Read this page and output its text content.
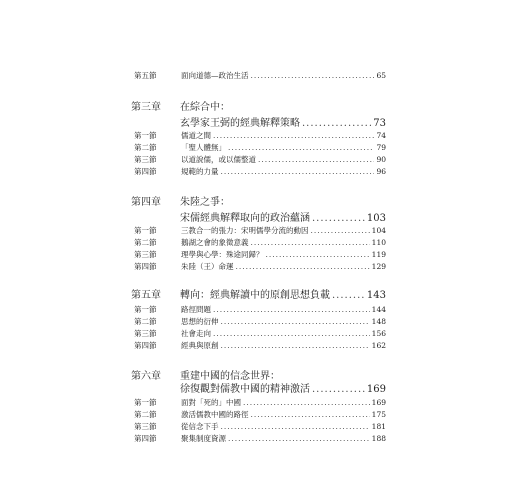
第五節	面向道德—政治生活 .....	65
第三章	在綜合中：
玄學家王弼的經典解釋策略 .....	73
第一節	儒道之間 .....	74
第二節	「聖人體無」 .....	79
第三節	以道說儒，或以儒整道 .....	90
第四節	規範的力量 .....	96
第四章	朱陸之爭：
宋儒經典解釋取向的政治蘊涵 .....	103
第一節	三教合一的張力：宋明儒學分流的動因 .....	104
第二節	鵝湖之會的象徵意義 .....	110
第三節	理學與心學：殊途同歸？ .....	119
第四節	朱陸（王）命運 .....	129
第五章	轉向：經典解讀中的原創思想負載 .....	143
第一節	路徑問題 .....	144
第二節	思想的衍伸 .....	148
第三節	社會走向 .....	156
第四節	經典與原創 .....	162
第六章	重建中國的信念世界：
徐復觀對儒教中國的精神激活 .....	169
第一節	面對「死的」中國 .....	169
第二節	激活儒教中國的路徑 .....	175
第三節	從信念下手 .....	181
第四節	聚集制度資源 .....	188
